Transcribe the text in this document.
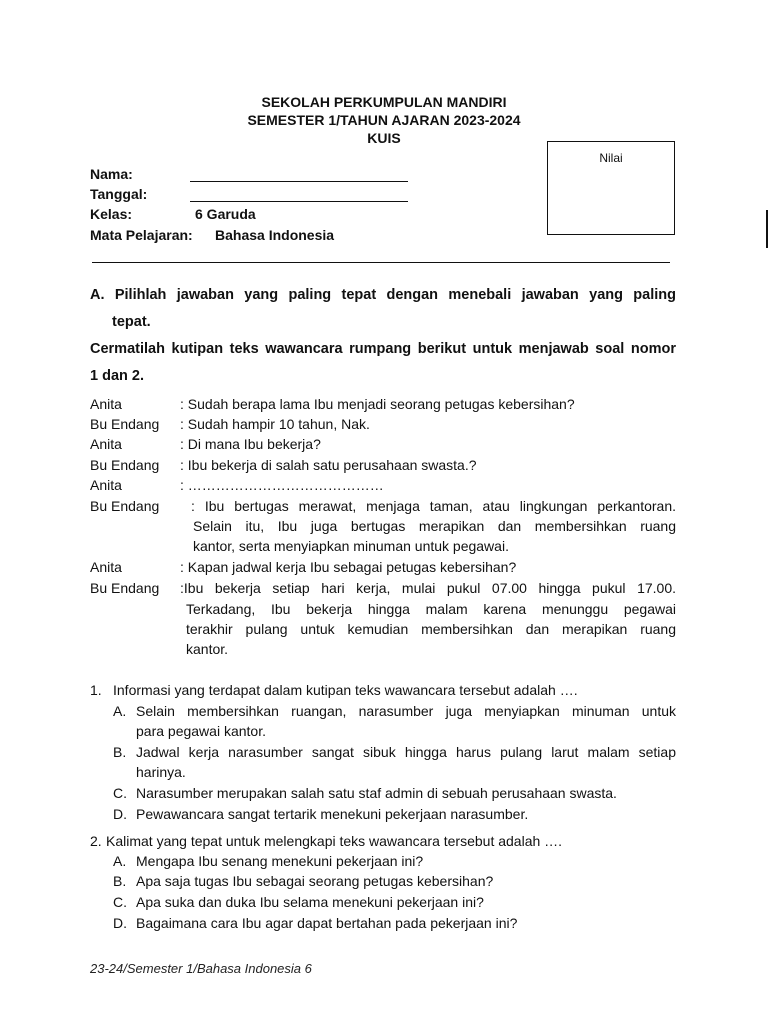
SEKOLAH PERKUMPULAN MANDIRI
SEMESTER 1/TAHUN AJARAN 2023-2024
KUIS
Nilai
Nama:
Tanggal:
Kelas:	6 Garuda
Mata Pelajaran: Bahasa Indonesia
A. Pilihlah jawaban yang paling tepat dengan menebali jawaban yang paling
tepat.
Cermatilah kutipan teks wawancara rumpang berikut untuk menjawab soal nomor
1 dan 2.
Anita	: Sudah berapa lama Ibu menjadi seorang petugas kebersihan?
Bu Endang : Sudah hampir 10 tahun, Nak.
Anita	: Di mana Ibu bekerja?
Bu Endang : Ibu bekerja di salah satu perusahaan swasta.?
Anita	: ……………………………………
Bu Endang : Ibu bertugas merawat, menjaga taman, atau lingkungan perkantoran.
Selain itu, Ibu juga bertugas merapikan dan membersihkan ruang
kantor, serta menyiapkan minuman untuk pegawai.
Anita	: Kapan jadwal kerja Ibu sebagai petugas kebersihan?
Bu Endang :Ibu bekerja setiap hari kerja, mulai pukul 07.00 hingga pukul 17.00.
Terkadang, Ibu bekerja hingga malam karena menunggu pegawai
terakhir pulang untuk kemudian membersihkan dan merapikan ruang
kantor.
1. Informasi yang terdapat dalam kutipan teks wawancara tersebut adalah ….
A. Selain membersihkan ruangan, narasumber juga menyiapkan minuman untuk
para pegawai kantor.
B. Jadwal kerja narasumber sangat sibuk hingga harus pulang larut malam setiap
harinya.
C. Narasumber merupakan salah satu staf admin di sebuah perusahaan swasta.
D. Pewawancara sangat tertarik menekuni pekerjaan narasumber.
2. Kalimat yang tepat untuk melengkapi teks wawancara tersebut adalah ….
A. Mengapa Ibu senang menekuni pekerjaan ini?
B. Apa saja tugas Ibu sebagai seorang petugas kebersihan?
C. Apa suka dan duka Ibu selama menekuni pekerjaan ini?
D. Bagaimana cara Ibu agar dapat bertahan pada pekerjaan ini?
23-24/Semester 1/Bahasa Indonesia 6
